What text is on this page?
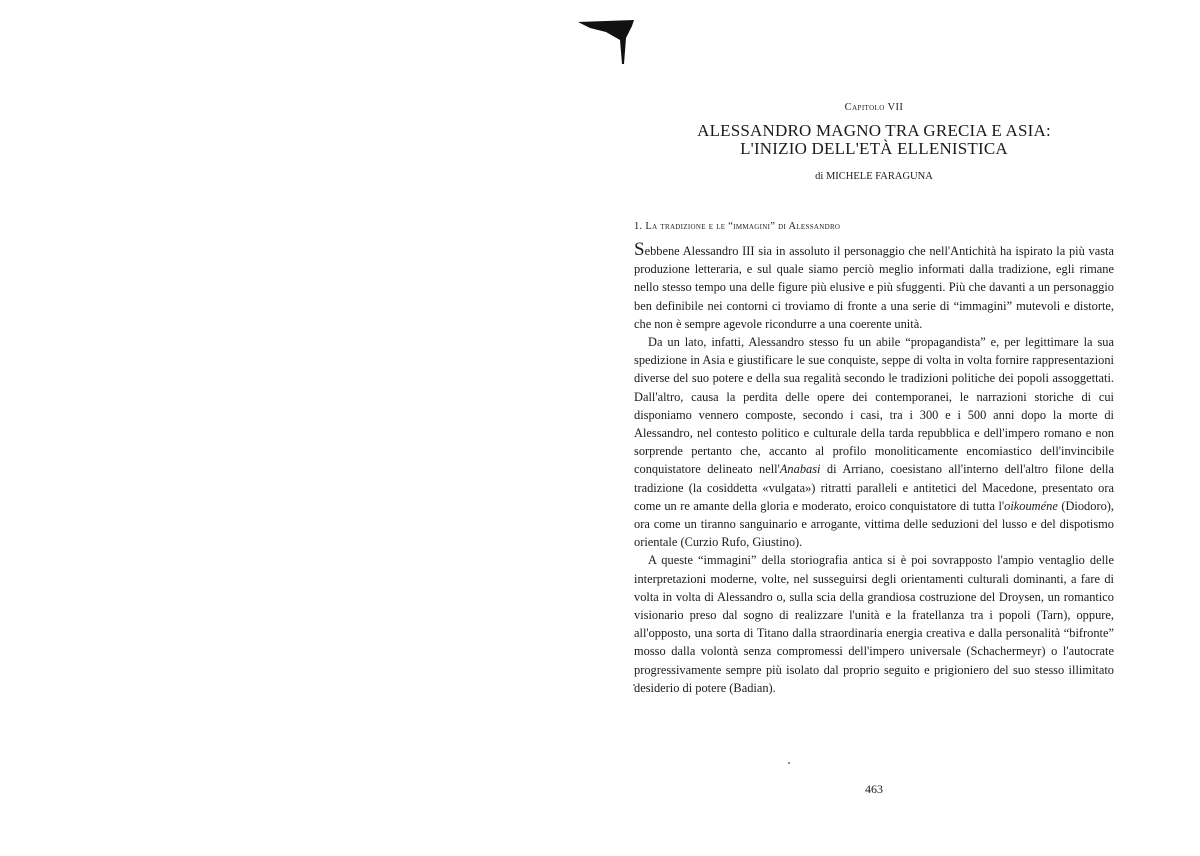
Capitolo VII
ALESSANDRO MAGNO TRA GRECIA E ASIA:
L'INIZIO DELL'ETÀ ELLENISTICA
di MICHELE FARAGUNA
1. La tradizione e le “immagini” di Alessandro

Sebbene Alessandro III sia in assoluto il personaggio che nell'Antichità ha ispirato la più vasta produzione letteraria, e sul quale siamo perciò meglio informati dalla tradizione, egli rimane nello stesso tempo una delle figure più elusive e più sfuggenti. Più che davanti a un personaggio ben definibile nei contorni ci troviamo di fronte a una serie di “immagini” mutevoli e distorte, che non è sempre agevole ricondurre a una coerente unità.

Da un lato, infatti, Alessandro stesso fu un abile “propagandista” e, per legittimare la sua spedizione in Asia e giustificare le sue conquiste, seppe di volta in volta fornire rappresentazioni diverse del suo potere e della sua regalità secondo le tradizioni politiche dei popoli assoggettati. Dall'altro, causa la perdita delle opere dei contemporanei, le narrazioni storiche di cui disponiamo vennero composte, secondo i casi, tra i 300 e i 500 anni dopo la morte di Alessandro, nel contesto politico e culturale della tarda repubblica e dell'impero romano e non sorprende pertanto che, accanto al profilo monoliticamente encomiastico dell'invincibile conquistatore delineato nell'Anabasi di Arriano, coesistano all'interno dell'altro filone della tradizione (la cosiddetta «vulgata») ritratti paralleli e antitetici del Macedone, presentato ora come un re amante della gloria e moderato, eroico conquistatore di tutta l'oikouméne (Diodoro), ora come un tiranno sanguinario e arrogante, vittima delle seduzioni del lusso e del dispotismo orientale (Curzio Rufo, Giustino).

A queste “immagini” della storiografia antica si è poi sovrapposto l'ampio ventaglio delle interpretazioni moderne, volte, nel susseguirsi degli orientamenti culturali dominanti, a fare di volta in volta di Alessandro o, sulla scia della grandiosa costruzione del Droysen, un romantico visionario preso dal sogno di realizzare l'unità e la fratellanza tra i popoli (Tarn), oppure, all'opposto, una sorta di Titano dalla straordinaria energia creativa e dalla personalità “bifronte” mosso dalla volontà senza compromessi dell'impero universale (Schachermeyr) o l'autocrate progressivamente sempre più isolato dal proprio seguito e prigioniero del suo stesso illimitato desiderio di potere (Badian).

463
